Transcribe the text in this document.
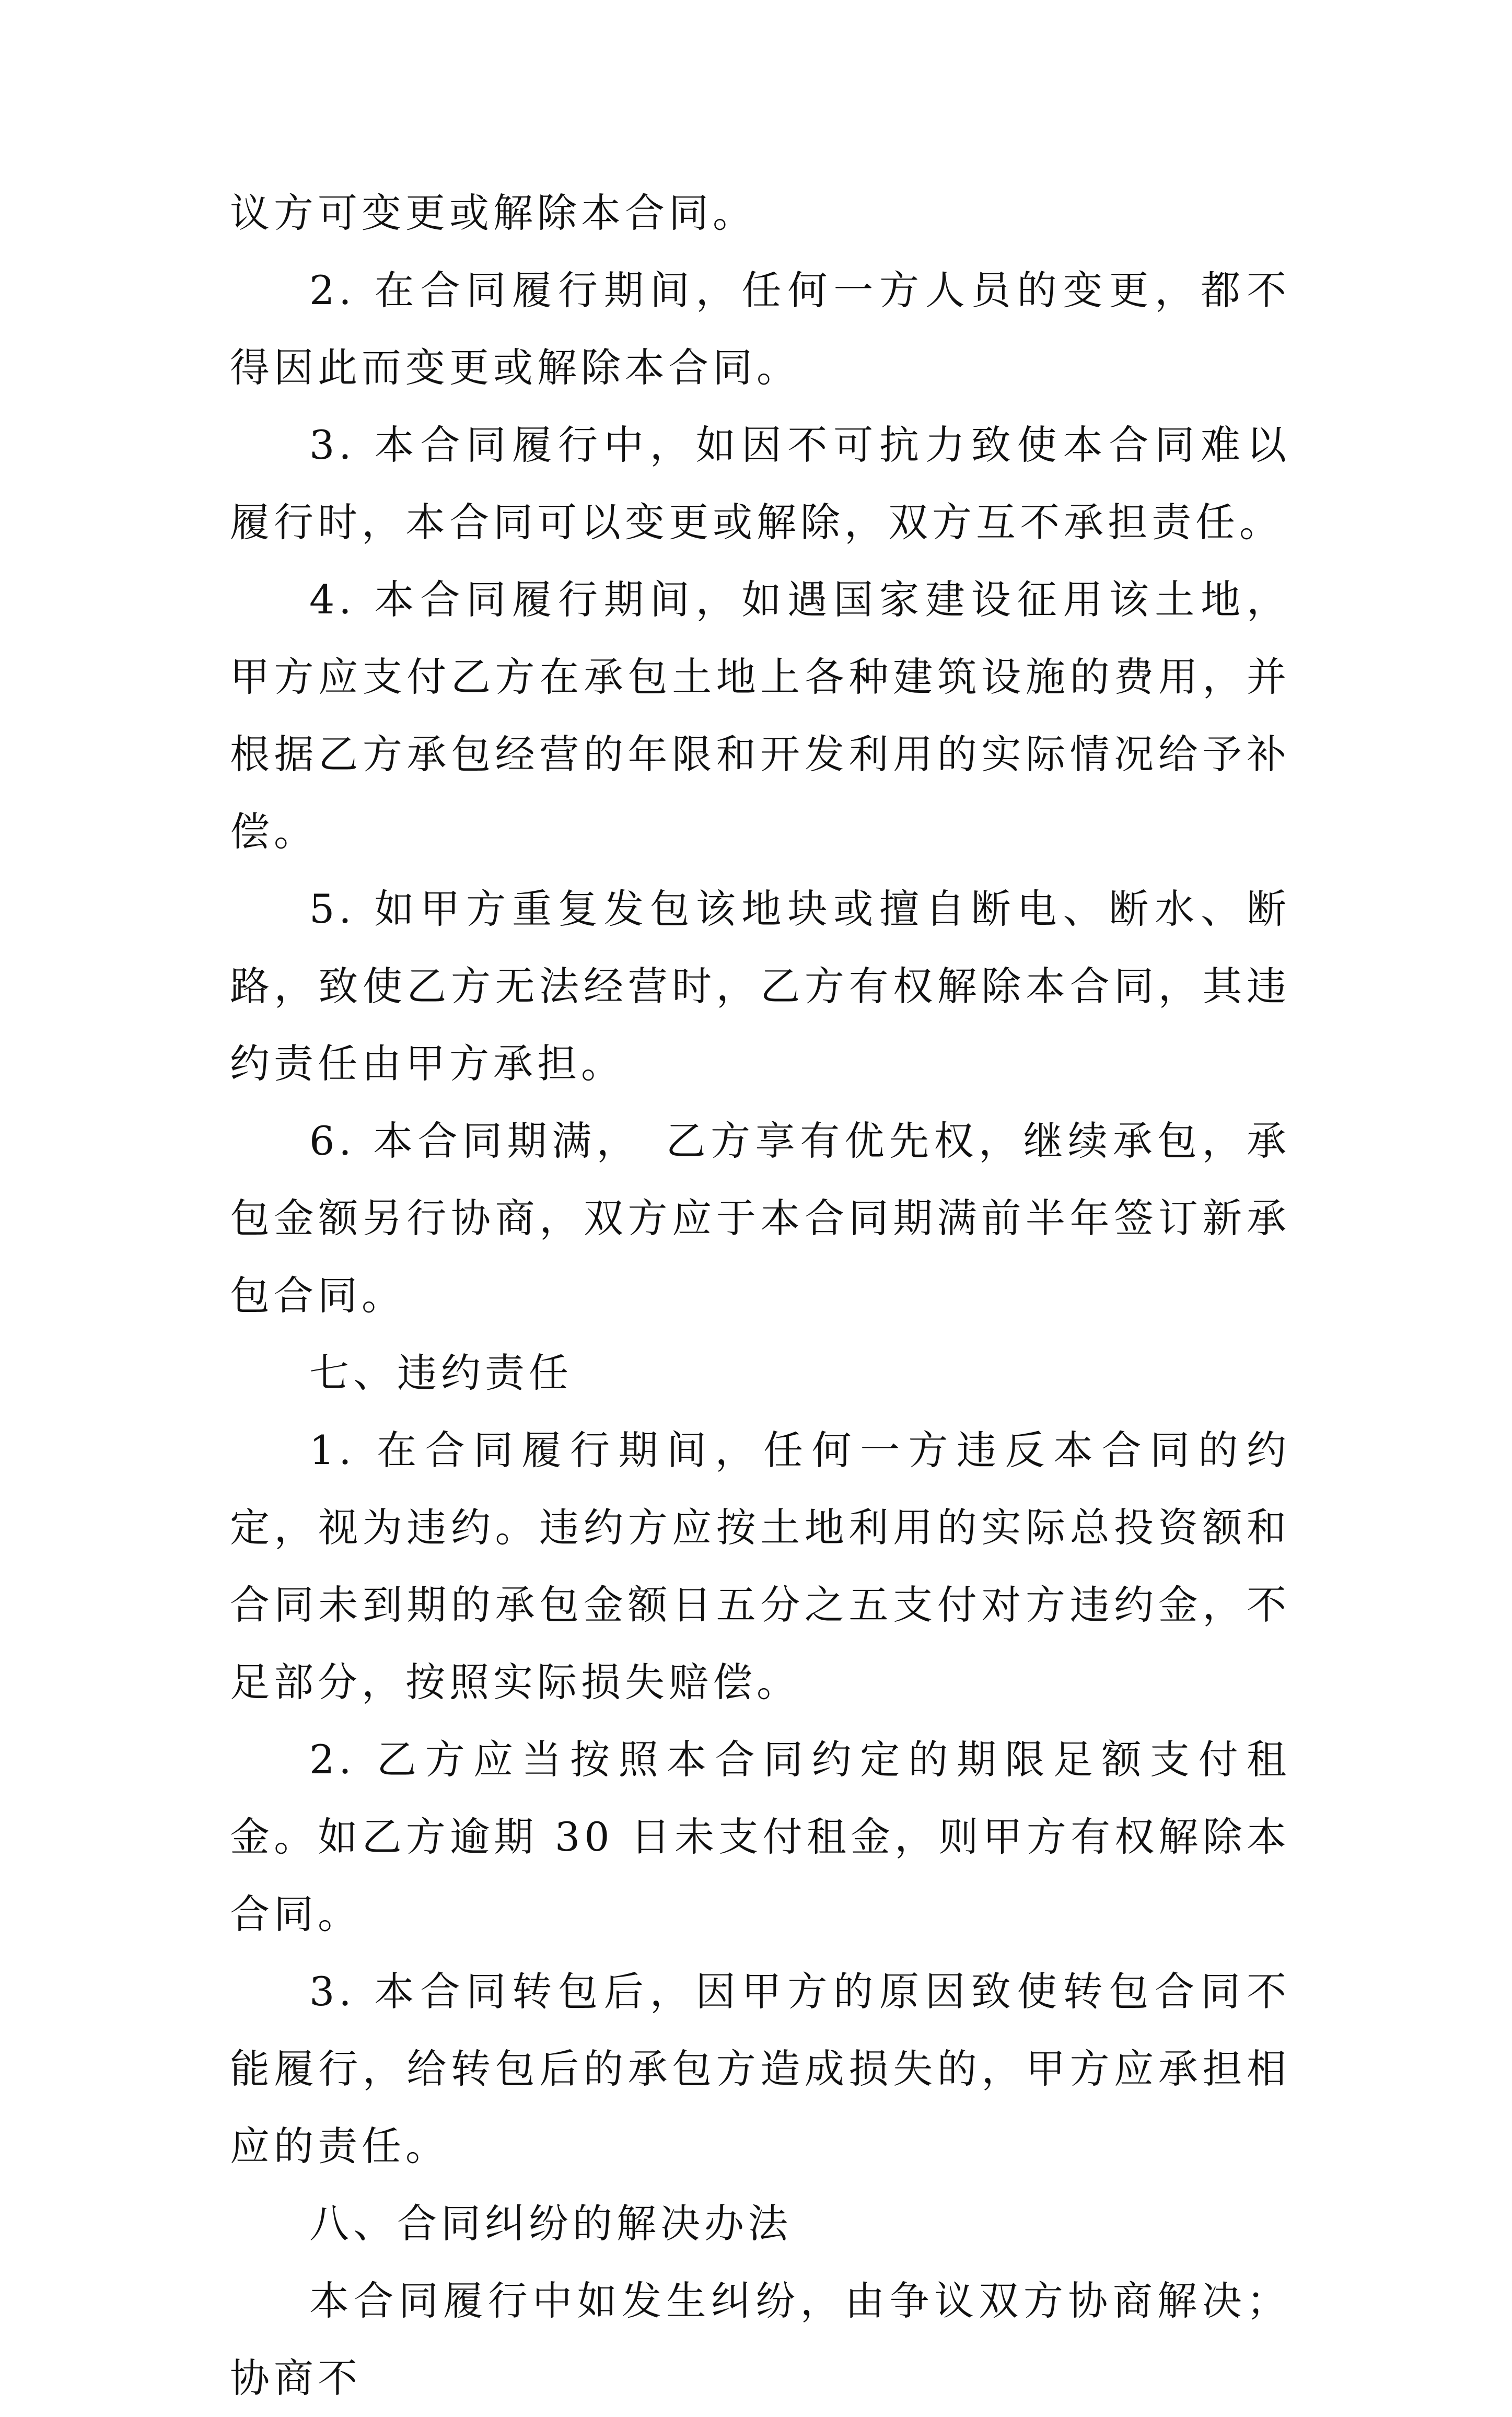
议方可变更或解除本合同。

2. 在合同履行期间，任何一方人员的变更，都不得因此而变更或解除本合同。

3. 本合同履行中，如因不可抗力致使本合同难以履行时，本合同可以变更或解除，双方互不承担责任。

4. 本合同履行期间，如遇国家建设征用该土地，甲方应支付乙方在承包土地上各种建筑设施的费用，并根据乙方承包经营的年限和开发利用的实际情况给予补偿。

5. 如甲方重复发包该地块或擅自断电、断水、断路，致使乙方无法经营时，乙方有权解除本合同，其违约责任由甲方承担。

6. 本合同期满，　乙方享有优先权，继续承包，承包金额另行协商，双方应于本合同期满前半年签订新承包合同。

七、违约责任

1. 在合同履行期间，任何一方违反本合同的约定，视为违约。违约方应按土地利用的实际总投资额和合同未到期的承包金额日五分之五支付对方违约金，不足部分，按照实际损失赔偿。

2. 乙方应当按照本合同约定的期限足额支付租金。如乙方逾期 30 日未支付租金，则甲方有权解除本合同。

3. 本合同转包后，因甲方的原因致使转包合同不能履行，给转包后的承包方造成损失的，甲方应承担相应的责任。

八、合同纠纷的解决办法

本合同履行中如发生纠纷，由争议双方协商解决；协商不
